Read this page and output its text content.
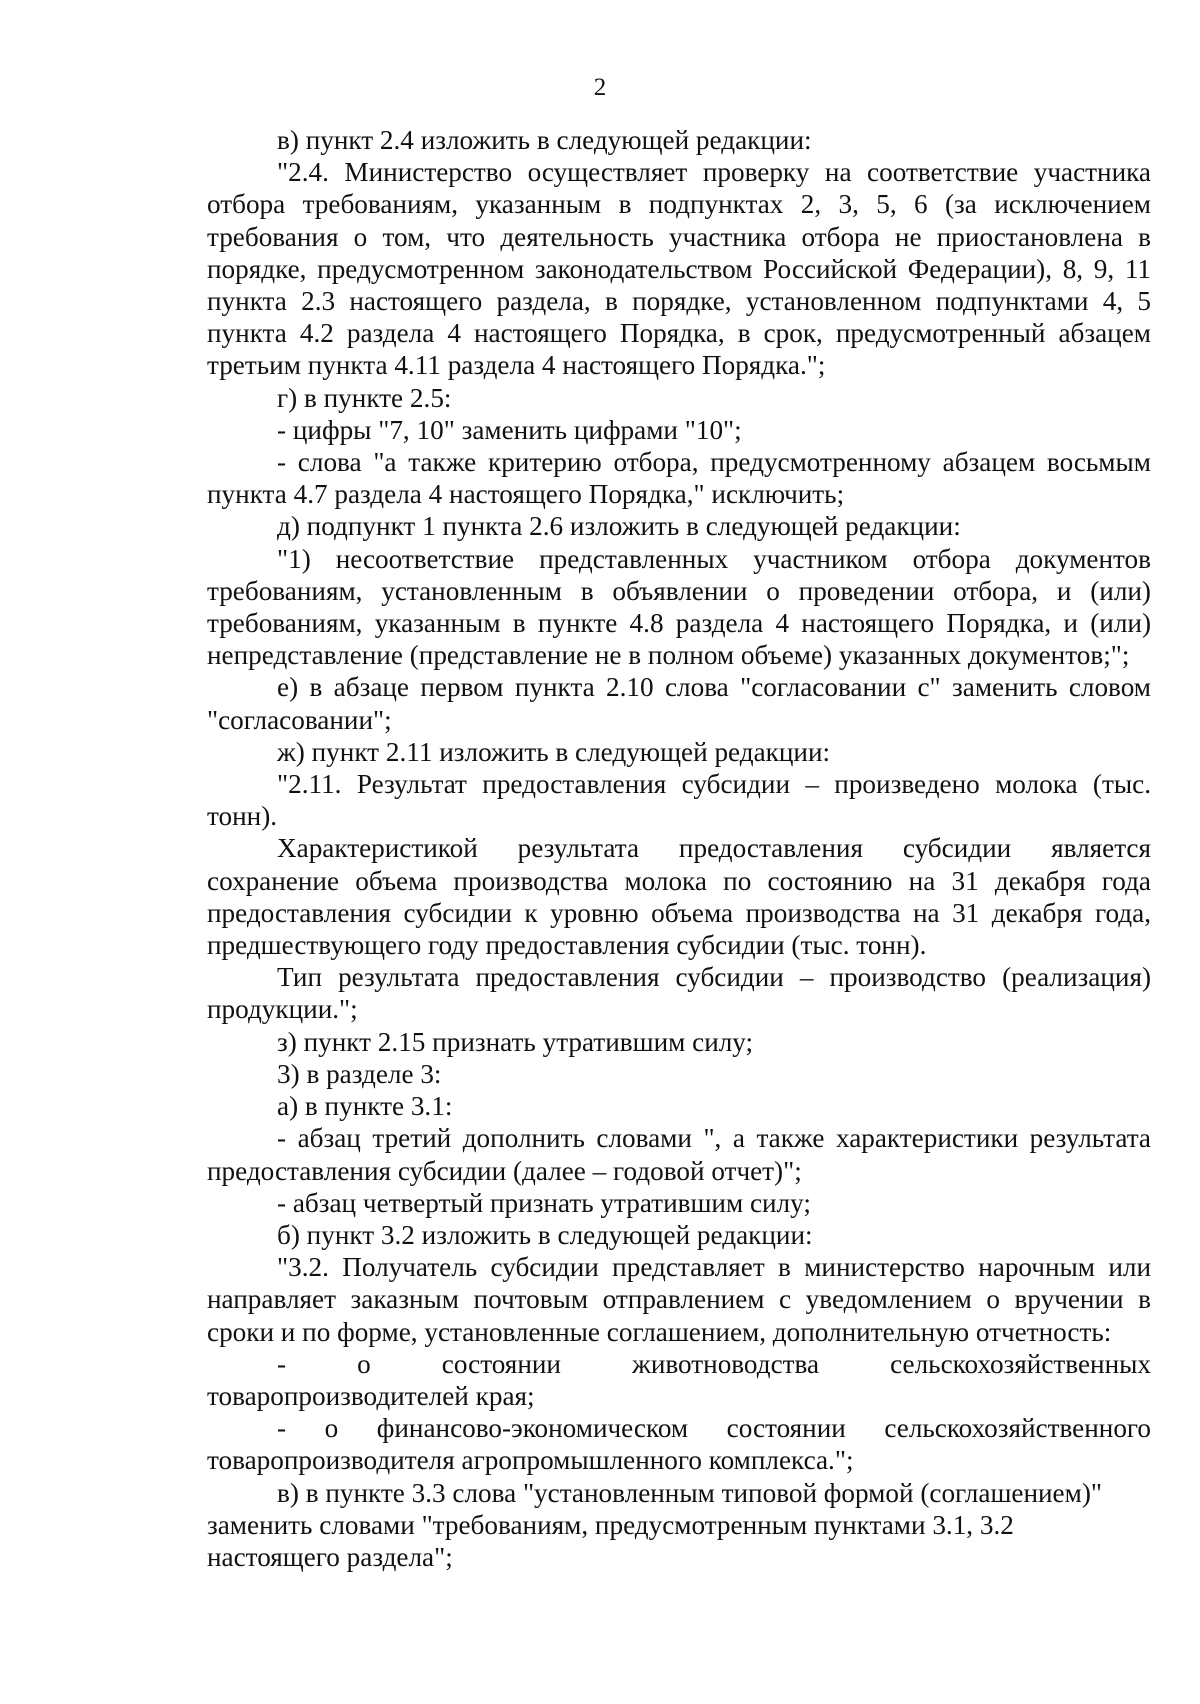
2

в) пункт 2.4 изложить в следующей редакции:

"2.4. Министерство осуществляет проверку на соответствие участника отбора требованиям, указанным в подпунктах 2, 3, 5, 6 (за исключением требования о том, что деятельность участника отбора не приостановлена в порядке, предусмотренном законодательством Российской Федерации), 8, 9, 11 пункта 2.3 настоящего раздела, в порядке, установленном подпунктами 4, 5 пункта 4.2 раздела 4 настоящего Порядка, в срок, предусмотренный абзацем третьим пункта 4.11 раздела 4 настоящего Порядка.";

г) в пункте 2.5:

- цифры "7, 10" заменить цифрами "10";

- слова "а также критерию отбора, предусмотренному абзацем восьмым пункта 4.7 раздела 4 настоящего Порядка," исключить;

д) подпункт 1 пункта 2.6 изложить в следующей редакции:

"1) несоответствие представленных участником отбора документов требованиям, установленным в объявлении о проведении отбора, и (или) требованиям, указанным в пункте 4.8 раздела 4 настоящего Порядка, и (или) непредставление (представление не в полном объеме) указанных документов;";

е) в абзаце первом пункта 2.10 слова "согласовании с" заменить словом "согласовании";

ж) пункт 2.11 изложить в следующей редакции:

"2.11. Результат предоставления субсидии – произведено молока (тыс. тонн).

Характеристикой результата предоставления субсидии является сохранение объема производства молока по состоянию на 31 декабря года предоставления субсидии к уровню объема производства на 31 декабря года, предшествующего году предоставления субсидии (тыс. тонн).

Тип результата предоставления субсидии – производство (реализация) продукции.";

з) пункт 2.15 признать утратившим силу;

3) в разделе 3:

а) в пункте 3.1:

- абзац третий дополнить словами ", а также характеристики результата предоставления субсидии (далее – годовой отчет)";

- абзац четвертый признать утратившим силу;

б) пункт 3.2 изложить в следующей редакции:

"3.2. Получатель субсидии представляет в министерство нарочным или направляет заказным почтовым отправлением с уведомлением о вручении в сроки и по форме, установленные соглашением, дополнительную отчетность:

- о состоянии животноводства сельскохозяйственных товаропроизводителей края;

- о финансово-экономическом состоянии сельскохозяйственного товаропроизводителя агропромышленного комплекса.";

в) в пункте 3.3 слова "установленным типовой формой (соглашением)" заменить словами "требованиям, предусмотренным пунктами 3.1, 3.2 настоящего раздела";
